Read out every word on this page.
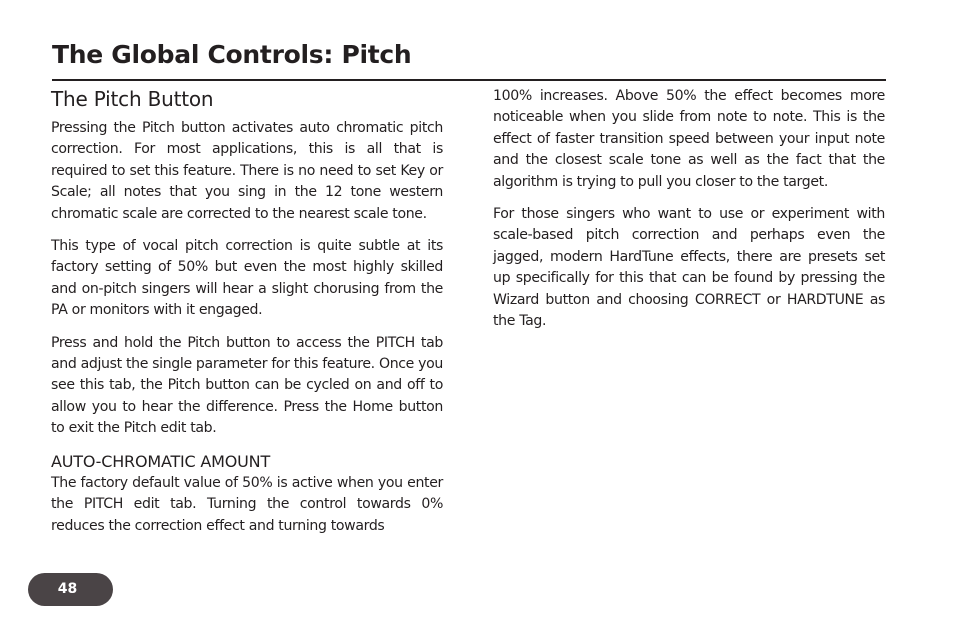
The Global Controls: Pitch
The Pitch Button

Pressing the Pitch button activates auto chromatic pitch correction. For most applications, this is all that is required to set this feature. There is no need to set Key or Scale; all notes that you sing in the 12 tone western chromatic scale are corrected to the nearest scale tone.

This type of vocal pitch correction is quite subtle at its factory setting of 50% but even the most highly skilled and on-pitch singers will hear a slight chorusing from the PA or monitors with it engaged.

Press and hold the Pitch button to access the PITCH tab and adjust the single parameter for this feature. Once you see this tab, the Pitch button can be cycled on and off to allow you to hear the difference. Press the Home button to exit the Pitch edit tab.

AUTO-CHROMATIC AMOUNT

The factory default value of 50% is active when you enter the PITCH edit tab. Turning the control towards 0% reduces the correction effect and turning towards

100% increases. Above 50% the effect becomes more noticeable when you slide from note to note. This is the effect of faster transition speed between your input note and the closest scale tone as well as the fact that the algorithm is trying to pull you closer to the target.

For those singers who want to use or experiment with scale-based pitch correction and perhaps even the jagged, modern HardTune effects, there are presets set up specifically for this that can be found by pressing the Wizard button and choosing CORRECT or HARDTUNE as the Tag.

48
